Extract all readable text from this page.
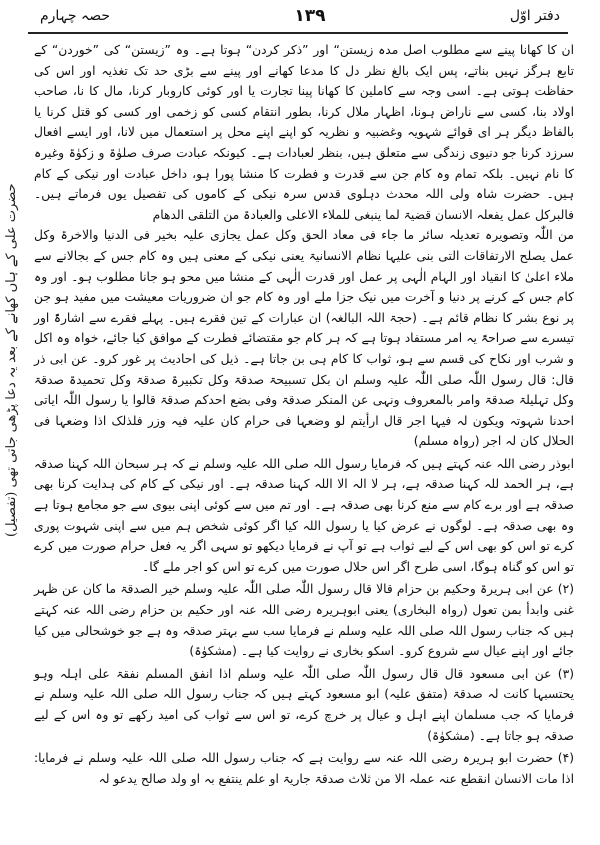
حصہ چہارم	۱۳۹	دفتر اوّل
حضرت علی کے ہاں کھانے کے بعد یہ دعا پڑھی جاتی تھی (تفصیل)

ان کا کھانا پینے سے مطلوب اصل مدہ زیستن“ اور ”ذکر کردن“ ہوتا ہے۔ وہ ”زیستن“ کی ”خوردن“ کے تابع ہرگز نہیں بناتے، پس ایک بالغ نظر دل کا مدعا کھانے اور پینے سے بڑی حد تک تغذیہ اور اس کی حفاظت ہوتی ہے۔ اسی وجہ سے کاملین کا کھانا پینا تجارت یا اور کوئی کاروبار کرنا، مال کا نا، صاحب اولاد بنا، کسی سے ناراض ہونا، اظہار ملال کرنا، بطور انتقام کسی کو زخمی اور کسی کو قتل کرنا یا بالفاظ دیگر ہر ای قوائے شہویہ وغضبیہ و نظریہ کو اپنے اپنے محل پر استعمال میں لانا، اور ایسے افعال سرزد کرنا جو دنیوی زندگی سے متعلق ہیں، بنظر لعبادات ہے۔ کیونکہ عبادت صرف صلوٰۃ و زکوٰۃ وغیرہ کا نام نہیں۔ بلکہ تمام وہ کام جن سے قدرت و فطرت کا منشا پورا ہو، داخل عبادت اور نیکی کے کام ہیں۔ حضرت شاہ ولی اللہ محدث دہلوی قدس سرہ نیکی کے کاموں کی تفصیل یوں فرماتے ہیں۔ فالبرکل عمل یفعلہ الانسان قضیۃ لما ینبغی للملاء الاعلی والعبادۃ من التلقی الدھام

من اللّٰہ وتصویرہ تعدیلہ سائر ما جاء فی معاد الحق وکل عمل یجازی علیہ بخیر فی الدنیا والاخرۃ وکل عمل یصلح الارتفاقات التی بنی علیہا نظام الانسانیۃ یعنی نیکی کے معنی ہیں وہ کام جس کے بجالانے سے ملاء اعلیٰ کا انقیاد اور الہام الٰہی پر عمل اور قدرت الٰہی کے منشا میں محو ہو جانا مطلوب ہو۔ اور وہ کام جس کے کرنے پر دنیا و آخرت میں نیک جزا ملے اور وہ کام جو ان ضروریات معیشت میں مفید ہو جن پر نوع بشر کا نظام قائم ہے۔ (حجۃ اللہ البالغہ) ان عبارات کے تین فقرے ہیں۔ پہلے فقرے سے اشارۃً اور تیسرے سے صراحۃً یہ امر مستفاد ہوتا ہے کہ ہر کام جو مقتضائے فطرت کے موافق کیا جائے، خواہ وہ اکل و شرب اور نکاح کی قسم سے ہو، ثواب کا کام ہی بن جاتا ہے۔ ذیل کی احادیث پر غور کرو۔ عن ابی ذر قال: قال رسول اللّٰہ صلی اللّٰہ علیہ وسلم ان بکل تسبیحۃ صدقۃ وکل تکبیرۃ صدقۃ وکل تحمیدۃ صدقۃ وکل تہلیلۃ صدقۃ وامر بالمعروف ونہی عن المنکر صدقۃ وفی بضع احدکم صدقۃ قالوا یا رسول اللّٰہ ایاتی احدنا شہوتہ ویکون لہ فیہا اجر قال ارأیتم لو وضعہا فی حرام کان علیہ فیہ وزر فلذلک اذا وضعہا فی الحلال کان لہ اجر (رواہ مسلم)

ابوذر رضی اللہ عنہ کہتے ہیں کہ فرمایا رسول اللہ صلی اللہ علیہ وسلم نے کہ ہر سبحان اللہ کہنا صدقہ ہے، ہر الحمد للہ کہنا صدقہ ہے، ہر لا الہ الا اللہ کہنا صدقہ ہے۔ اور نیکی کے کام کی ہدایت کرنا بھی صدقہ ہے اور برے کام سے منع کرنا بھی صدقہ ہے۔ اور تم میں سے کوئی اپنی بیوی سے جو مجامع ہوتا ہے وہ بھی صدقہ ہے۔ لوگوں نے عرض کیا یا رسول اللہ کیا اگر کوئی شخص ہم میں سے اپنی شہوت پوری کرے تو اس کو بھی اس کے لیے ثواب ہے تو آپ نے فرمایا دیکھو تو سہی اگر یہ فعل حرام صورت میں کرے تو اس کو گناہ ہوگا، اسی طرح اگر اس حلال صورت میں کرے تو اس کو اجر ملے گا۔

(۲) عن ابی ہریرۃ وحکیم بن حزام قالا قال رسول اللّٰہ صلی اللّٰہ علیہ وسلم خیر الصدقۃ ما کان عن ظہر غنی وابدأ بمن تعول (رواہ البخاری) یعنی ابوہریرہ رضی اللہ عنہ اور حکیم بن حزام رضی اللہ عنہ کہتے ہیں کہ جناب رسول اللہ صلی اللہ علیہ وسلم نے فرمایا سب سے بہتر صدقہ وہ ہے جو خوشحالی میں کیا جائے اور اپنے عیال سے شروع کرو۔ اسکو بخاری نے روایت کیا ہے۔ (مشکوٰۃ)

(۳) عن ابی مسعود قال قال رسول اللّٰہ صلی اللّٰہ علیہ وسلم اذا انفق المسلم نفقۃ علی اہلہ وہو یحتسبہا کانت لہ صدقۃ (متفق علیہ) ابو مسعود کہتے ہیں کہ جناب رسول اللہ صلی اللہ علیہ وسلم نے فرمایا کہ جب مسلمان اپنے اہل و عیال پر خرچ کرے، تو اس سے ثواب کی امید رکھے تو وہ اس کے لیے صدقہ ہو جاتا ہے۔ (مشکوٰۃ)

(۴) حضرت ابو ہریرہ رضی اللہ عنہ سے روایت ہے کہ جناب رسول اللہ صلی اللہ علیہ وسلم نے فرمایا: اذا مات الانسان انقطع عنہ عملہ الا من ثلاث صدقۃ جاریۃ او علم ینتفع بہ او ولد صالح یدعو لہ
